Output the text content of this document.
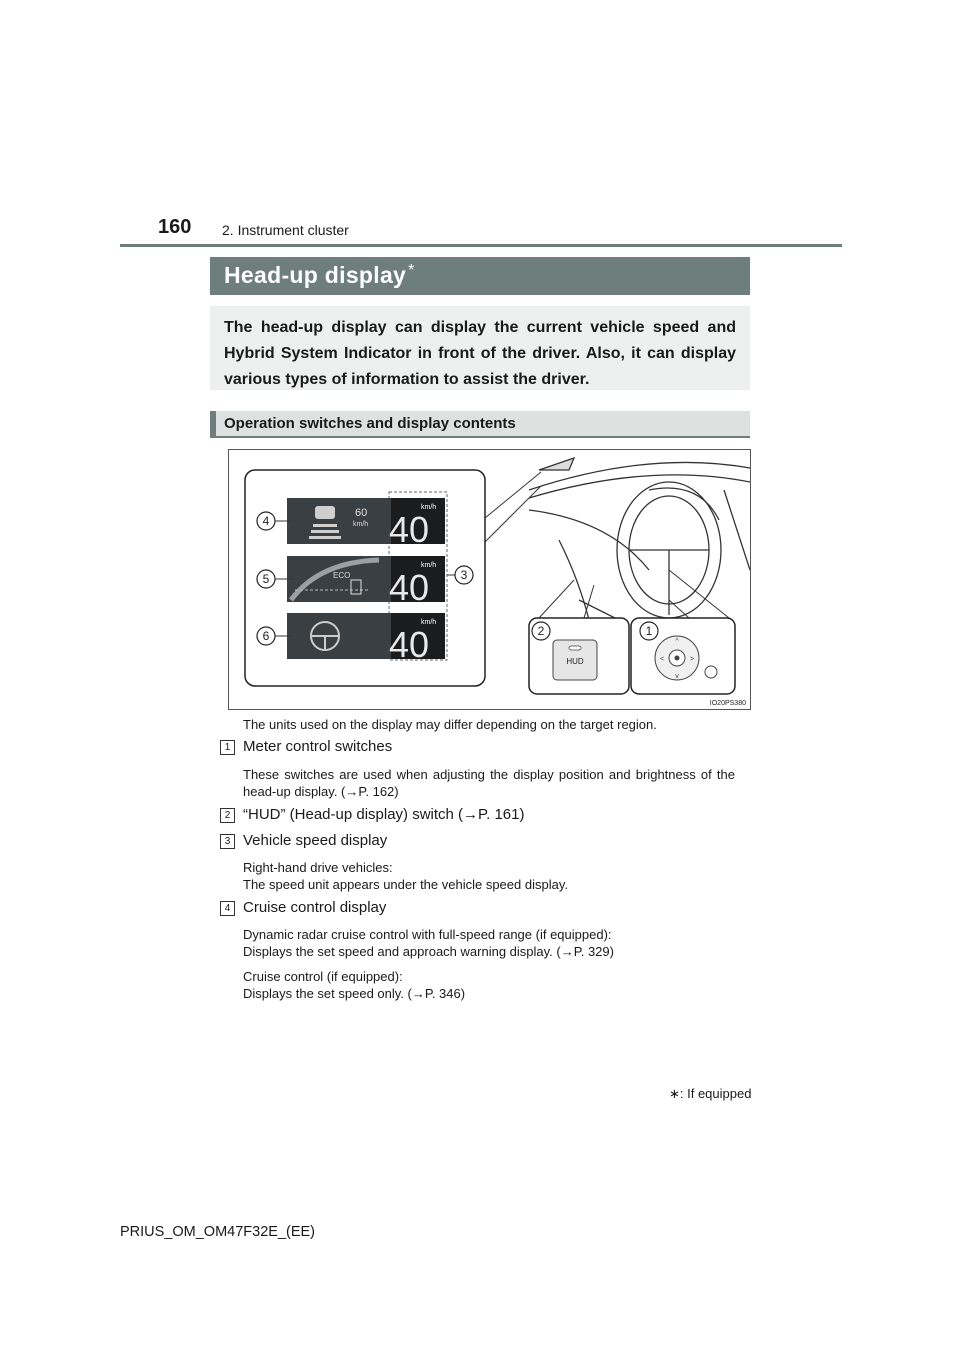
160 2. Instrument cluster
Head-up display *

The head-up display can display the current vehicle speed and Hybrid System Indicator in front of the driver. Also, it can display various types of information to assist the driver.

Operation switches and display contents
60
km/h
km/h
40
ECO
km/h
40
km/h
40
4
5
6
3
HUD
2
^
v
<	>
1
IO20PS380
The units used on the display may differ depending on the target region.
1 Meter control switches
These switches are used when adjusting the display position and brightness of the head-up display. (→P. 162)
2 “HUD” (Head-up display) switch (→P. 161)
3 Vehicle speed display
Right-hand drive vehicles:
The speed unit appears under the vehicle speed display.
4 Cruise control display
Dynamic radar cruise control with full-speed range (if equipped):
Displays the set speed and approach warning display. (→P. 329)
Cruise control (if equipped):
Displays the set speed only. (→P. 346)
∗: If equipped
PRIUS_OM_OM47F32E_(EE)
